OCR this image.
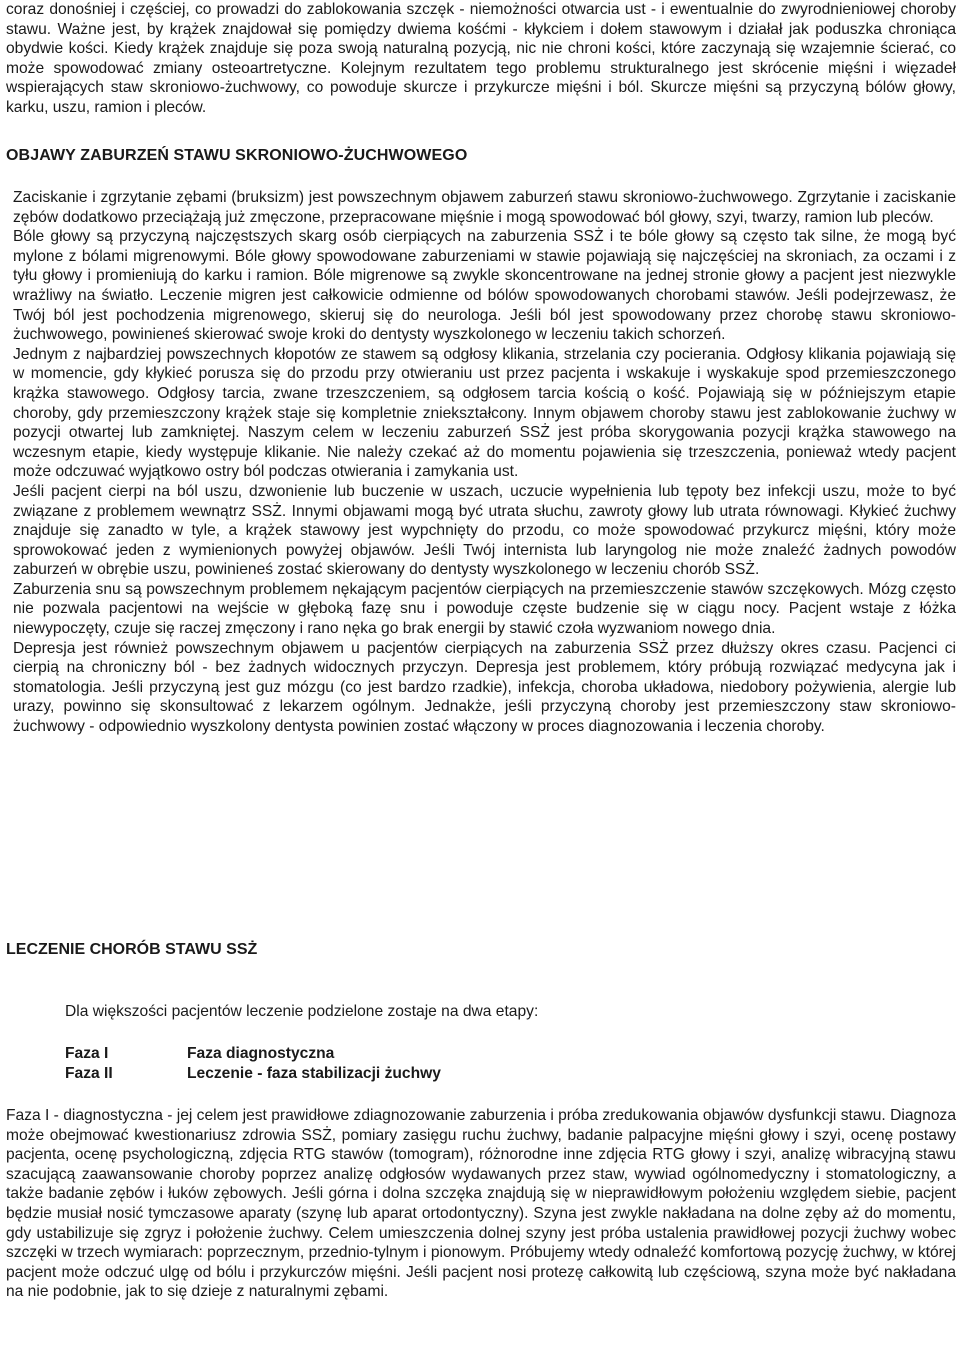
coraz donośniej i częściej, co prowadzi do zablokowania szczęk - niemożności otwarcia ust - i ewentualnie do zwyrodnieniowej choroby stawu. Ważne jest, by krążek znajdował się pomiędzy dwiema kośćmi - kłykciem i dołem stawowym i działał jak poduszka chroniąca obydwie kości. Kiedy krążek znajduje się poza swoją naturalną pozycją, nic nie chroni kości, które zaczynają się wzajemnie ścierać, co może spowodować zmiany osteoartretyczne. Kolejnym rezultatem tego problemu strukturalnego jest skrócenie mięśni i więzadeł wspierających staw skroniowo-żuchwowy, co powoduje skurcze i przykurcze mięśni i ból. Skurcze mięśni są przyczyną bólów głowy, karku, uszu, ramion i pleców.

OBJAWY ZABURZEŃ STAWU SKRONIOWO-ŻUCHWOWEGO

Zaciskanie i zgrzytanie zębami (bruksizm) jest powszechnym objawem zaburzeń stawu skroniowo-żuchwowego. Zgrzytanie i zaciskanie zębów dodatkowo przeciążają już zmęczone, przepracowane mięśnie i mogą spowodować ból głowy, szyi, twarzy, ramion lub pleców.

Bóle głowy są przyczyną najczęstszych skarg osób cierpiących na zaburzenia SSŻ i te bóle głowy są często tak silne, że mogą być mylone z bólami migrenowymi. Bóle głowy spowodowane zaburzeniami w stawie pojawiają się najczęściej na skroniach, za oczami i z tyłu głowy i promieniują do karku i ramion. Bóle migrenowe są zwykle skoncentrowane na jednej stronie głowy a pacjent jest niezwykle wrażliwy na światło. Leczenie migren jest całkowicie odmienne od bólów spowodowanych chorobami stawów. Jeśli podejrzewasz, że Twój ból jest pochodzenia migrenowego, skieruj się do neurologa. Jeśli ból jest spowodowany przez chorobę stawu skroniowo-żuchwowego, powinieneś skierować swoje kroki do dentysty wyszkolonego w leczeniu takich schorzeń.

Jednym z najbardziej powszechnych kłopotów ze stawem są odgłosy klikania, strzelania czy pocierania. Odgłosy klikania pojawiają się w momencie, gdy kłykieć porusza się do przodu przy otwieraniu ust przez pacjenta i wskakuje i wyskakuje spod przemieszczonego krążka stawowego. Odgłosy tarcia, zwane trzeszczeniem, są odgłosem tarcia kością o kość. Pojawiają się w późniejszym etapie choroby, gdy przemieszczony krążek staje się kompletnie zniekształcony. Innym objawem choroby stawu jest zablokowanie żuchwy w pozycji otwartej lub zamkniętej. Naszym celem w leczeniu zaburzeń SSŻ jest próba skorygowania pozycji krążka stawowego na wczesnym etapie, kiedy występuje klikanie. Nie należy czekać aż do momentu pojawienia się trzeszczenia, ponieważ wtedy pacjent może odczuwać wyjątkowo ostry ból podczas otwierania i zamykania ust.

Jeśli pacjent cierpi na ból uszu, dzwonienie lub buczenie w uszach, uczucie wypełnienia lub tępoty bez infekcji uszu, może to być związane z problemem wewnątrz SSŻ. Innymi objawami mogą być utrata słuchu, zawroty głowy lub utrata równowagi. Kłykieć żuchwy znajduje się zanadto w tyle, a krążek stawowy jest wypchnięty do przodu, co może spowodować przykurcz mięśni, który może sprowokować jeden z wymienionych powyżej objawów. Jeśli Twój internista lub laryngolog nie może znaleźć żadnych powodów zaburzeń w obrębie uszu, powinieneś zostać skierowany do dentysty wyszkolonego w leczeniu chorób SSŻ.

Zaburzenia snu są powszechnym problemem nękającym pacjentów cierpiących na przemieszczenie stawów szczękowych. Mózg często nie pozwala pacjentowi na wejście w głęboką fazę snu i powoduje częste budzenie się w ciągu nocy. Pacjent wstaje z łóżka niewypoczęty, czuje się raczej zmęczony i rano nęka go brak energii by stawić czoła wyzwaniom nowego dnia.

Depresja jest również powszechnym objawem u pacjentów cierpiących na zaburzenia SSŻ przez dłuższy okres czasu. Pacjenci ci cierpią na chroniczny ból - bez żadnych widocznych przyczyn. Depresja jest problemem, który próbują rozwiązać medycyna jak i stomatologia. Jeśli przyczyną jest guz mózgu (co jest bardzo rzadkie), infekcja, choroba układowa, niedobory pożywienia, alergie lub urazy, powinno się skonsultować z lekarzem ogólnym. Jednakże, jeśli przyczyną choroby jest przemieszczony staw skroniowo-żuchwowy - odpowiednio wyszkolony dentysta powinien zostać włączony w proces diagnozowania i leczenia choroby.

LECZENIE CHORÓB STAWU SSŻ

Dla większości pacjentów leczenie podzielone zostaje na dwa etapy:

Faza I	Faza diagnostyczna
Faza II	Leczenie - faza stabilizacji żuchwy

Faza I - diagnostyczna - jej celem jest prawidłowe zdiagnozowanie zaburzenia i próba zredukowania objawów dysfunkcji stawu. Diagnoza może obejmować kwestionariusz zdrowia SSŻ, pomiary zasięgu ruchu żuchwy, badanie palpacyjne mięśni głowy i szyi, ocenę postawy pacjenta, ocenę psychologiczną, zdjęcia RTG stawów (tomogram), różnorodne inne zdjęcia RTG głowy i szyi, analizę wibracyjną stawu szacującą zaawansowanie choroby poprzez analizę odgłosów wydawanych przez staw, wywiad ogólnomedyczny i stomatologiczny, a także badanie zębów i łuków zębowych. Jeśli górna i dolna szczęka znajdują się w nieprawidłowym położeniu względem siebie, pacjent będzie musiał nosić tymczasowe aparaty (szynę lub aparat ortodontyczny). Szyna jest zwykle nakładana na dolne zęby aż do momentu, gdy ustabilizuje się zgryz i położenie żuchwy. Celem umieszczenia dolnej szyny jest próba ustalenia prawidłowej pozycji żuchwy wobec szczęki w trzech wymiarach: poprzecznym, przednio-tylnym i pionowym. Próbujemy wtedy odnaleźć komfortową pozycję żuchwy, w której pacjent może odczuć ulgę od bólu i przykurczów mięśni. Jeśli pacjent nosi protezę całkowitą lub częściową, szyna może być nakładana na nie podobnie, jak to się dzieje z naturalnymi zębami.
